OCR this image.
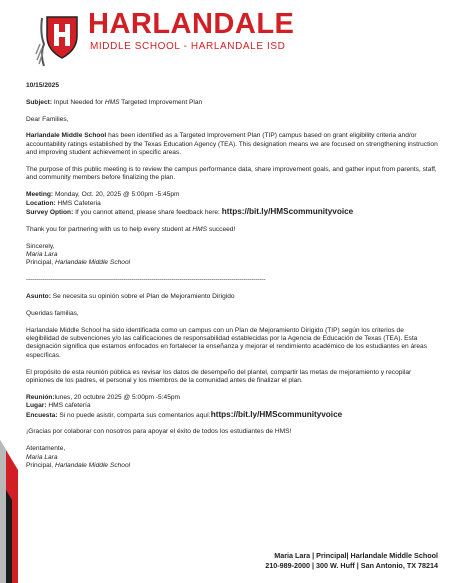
HARLANDALE
MIDDLE SCHOOL - HARLANDALE ISD

10/15/2025

Subject: Input Needed for HMS Targeted Improvement Plan

Dear Families,

Harlandale Middle School has been identified as a Targeted Improvement Plan (TIP) campus based on grant eligibility criteria and/or accountability ratings established by the Texas Education Agency (TEA). This designation means we are focused on strengthening instruction and improving student achievement in specific areas.

The purpose of this public meeting is to review the campus performance data, share improvement goals, and gather input from parents, staff, and community members before finalizing the plan.

Meeting: Monday, Oct. 20, 2025 @ 5:00pm -5:45pm

Location: HMS Cafeteria

Survey Option: If you cannot attend, please share feedback here: https://bit.ly/HMScommunityvoice

Thank you for partnering with us to help every student at HMS succeed!

Sincerely,

Maria Lara

Principal, Harlandale Middle School

------------------------------------------------------------------------------------------------------------------------

Asunto: Se necesita su opinión sobre el Plan de Mejoramiento Dirigido

Queridas familias,

Harlandale Middle School ha sido identificada como un campus con un Plan de Mejoramiento Dirigido (TIP) según los criterios de elegibilidad de subvenciones y/o las calificaciones de responsabilidad establecidas por la Agencia de Educación de Texas (TEA). Esta designación significa que estamos enfocados en fortalecer la enseñanza y mejorar el rendimiento académico de los estudiantes en áreas específicas.

El propósito de esta reunión pública es revisar los datos de desempeño del plantel, compartir las metas de mejoramiento y recopilar opiniones de los padres, el personal y los miembros de la comunidad antes de finalizar el plan.

Reunión:lunes, 20 octubre 2025 @ 5:00pm -5:45pm

Lugar: HMS cafetería

Encuesta: Si no puede asistir, comparta sus comentarios aquí:https://bit.ly/HMScommunityvoice

¡Gracias por colaborar con nosotros para apoyar el éxito de todos los estudiantes de HMS!

Atentamente,

Maria Lara

Principal, Harlandale Middle School

Maria Lara | Principal| Harlandale Middle School
210-989-2000 | 300 W. Huff | San Antonio, TX 78214
